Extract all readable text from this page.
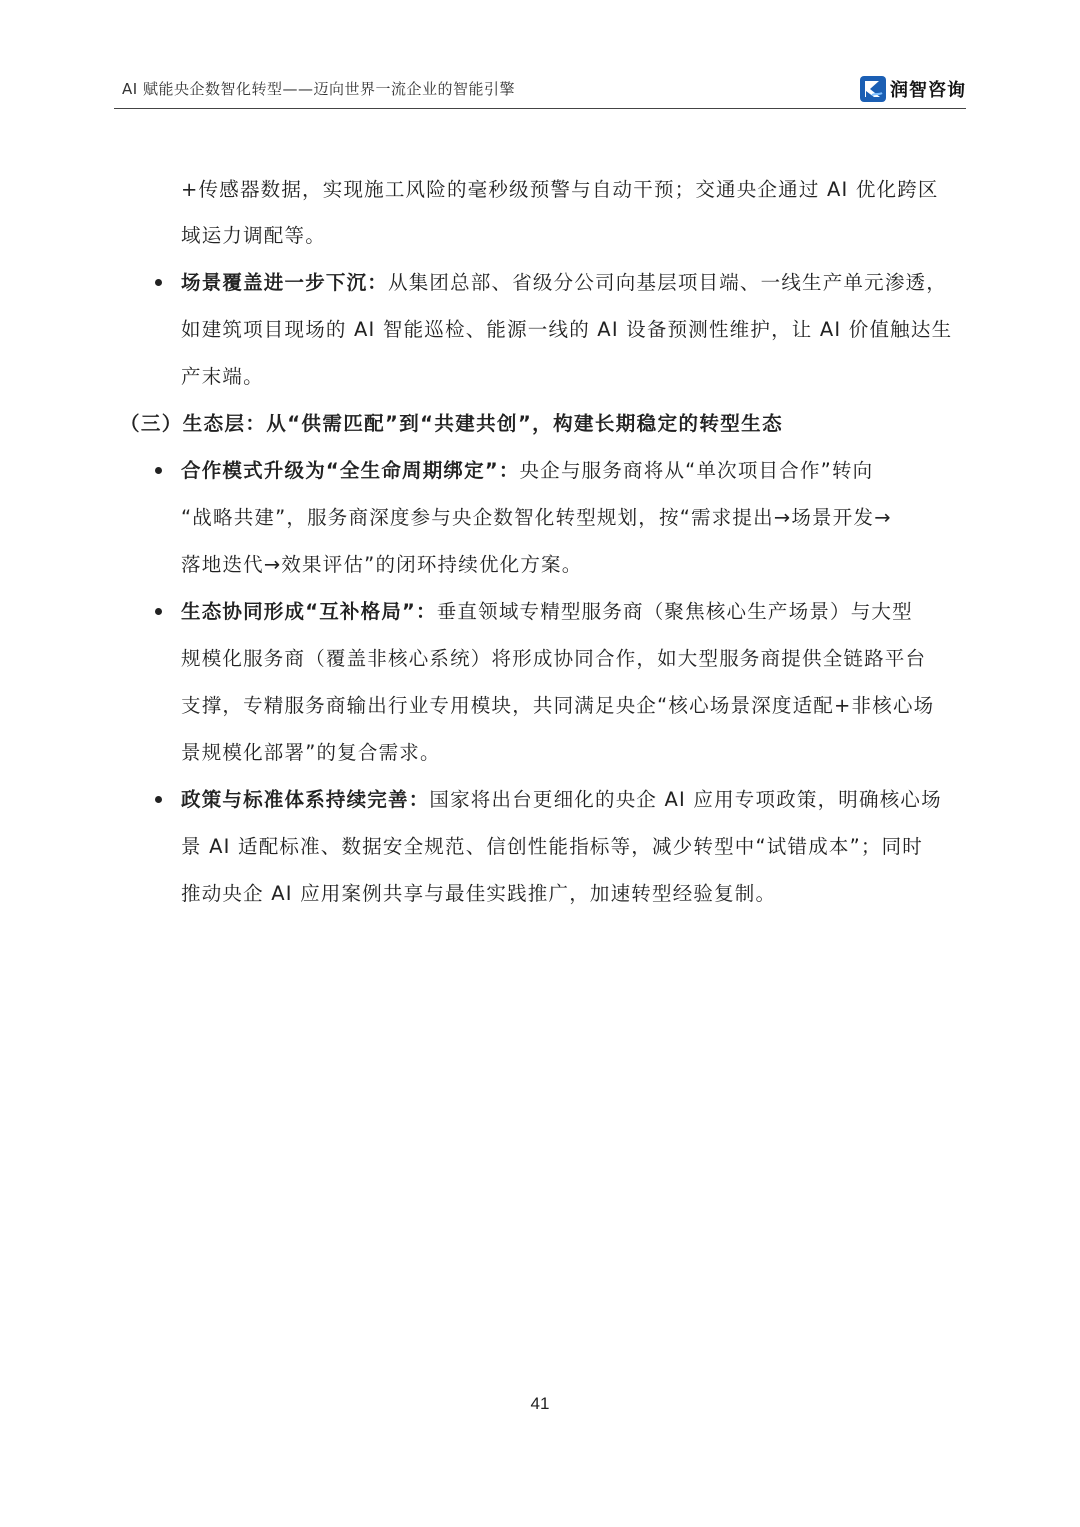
AI 赋能央企数智化转型——迈向世界一流企业的智能引擎	润智咨询
+传感器数据，实现施工风险的毫秒级预警与自动干预；交通央企通过 AI 优化跨区
域运力调配等。
场景覆盖进一步下沉：从集团总部、省级分公司向基层项目端、一线生产单元渗透，
如建筑项目现场的 AI 智能巡检、能源一线的 AI 设备预测性维护，让 AI 价值触达生
产末端。
（三）生态层：从“供需匹配”到“共建共创”，构建长期稳定的转型生态
合作模式升级为“全生命周期绑定”：央企与服务商将从“单次项目合作”转向
“战略共建”，服务商深度参与央企数智化转型规划，按“需求提出→场景开发→
落地迭代→效果评估”的闭环持续优化方案。
生态协同形成“互补格局”：垂直领域专精型服务商（聚焦核心生产场景）与大型
规模化服务商（覆盖非核心系统）将形成协同合作，如大型服务商提供全链路平台
支撑，专精服务商输出行业专用模块，共同满足央企“核心场景深度适配+非核心场
景规模化部署”的复合需求。
政策与标准体系持续完善：国家将出台更细化的央企 AI 应用专项政策，明确核心场
景 AI 适配标准、数据安全规范、信创性能指标等，减少转型中“试错成本”；同时
推动央企 AI 应用案例共享与最佳实践推广，加速转型经验复制。
41
